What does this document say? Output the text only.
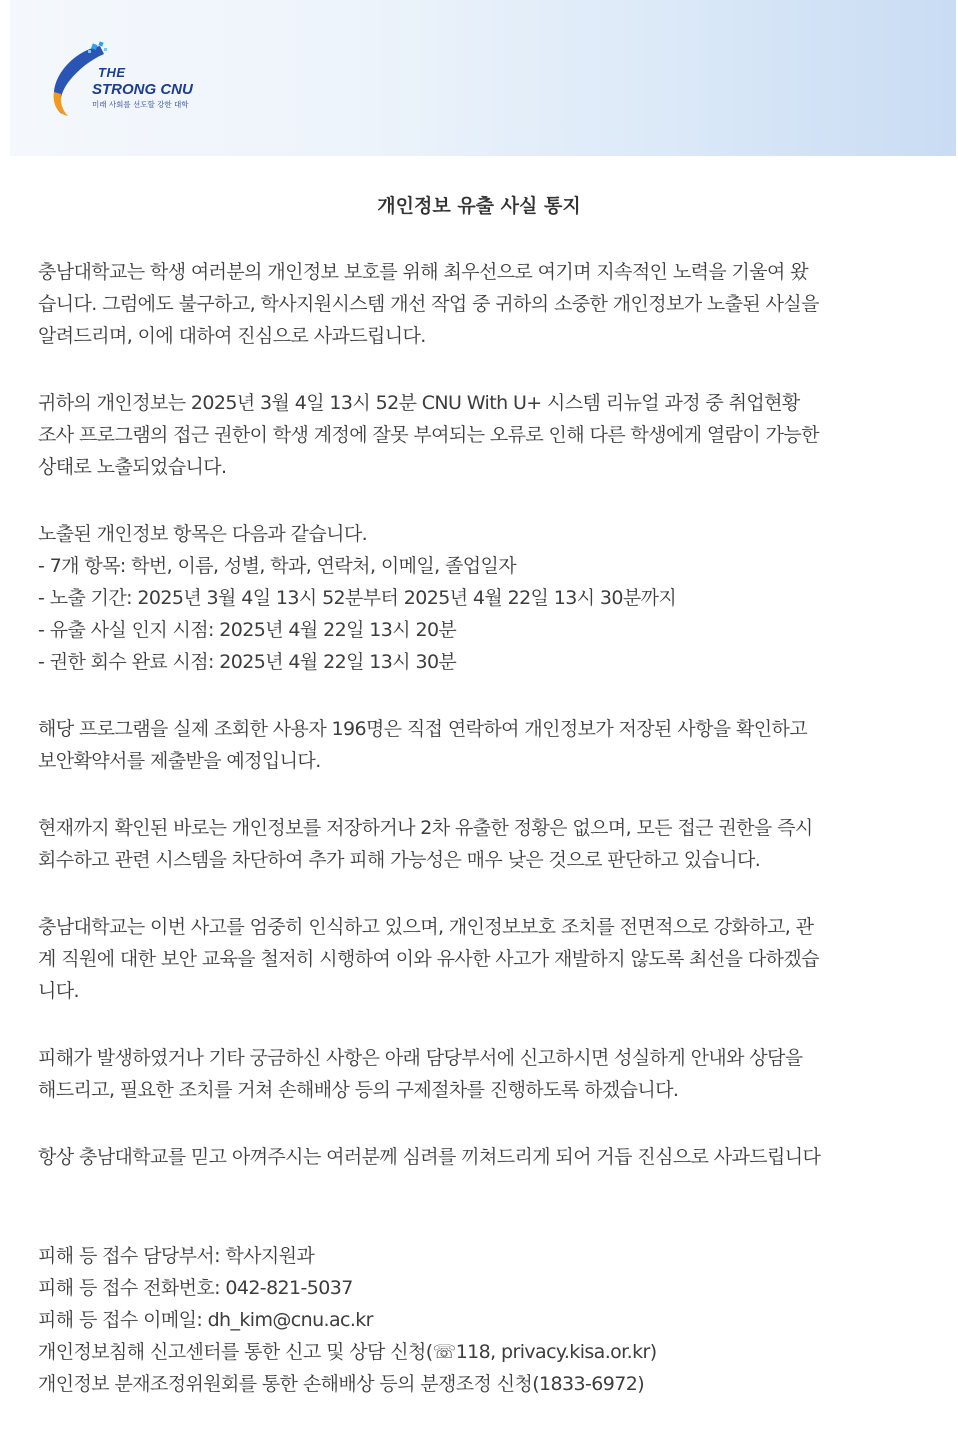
THE
STRONG CNU
미래 사회를 선도할 강한 대학
개인정보 유출 사실 통지

충남대학교는 학생 여러분의 개인정보 보호를 위해 최우선으로 여기며 지속적인 노력을 기울여 왔
습니다. 그럼에도 불구하고, 학사지원시스템 개선 작업 중 귀하의 소중한 개인정보가 노출된 사실을
알려드리며, 이에 대하여 진심으로 사과드립니다.

귀하의 개인정보는 2025년 3월 4일 13시 52분 CNU With U+ 시스템 리뉴얼 과정 중 취업현황
조사 프로그램의 접근 권한이 학생 계정에 잘못 부여되는 오류로 인해 다른 학생에게 열람이 가능한
상태로 노출되었습니다.

노출된 개인정보 항목은 다음과 같습니다.
- 7개 항목: 학번, 이름, 성별, 학과, 연락처, 이메일, 졸업일자
- 노출 기간: 2025년 3월 4일 13시 52분부터 2025년 4월 22일 13시 30분까지
- 유출 사실 인지 시점: 2025년 4월 22일 13시 20분
- 권한 회수 완료 시점: 2025년 4월 22일 13시 30분

해당 프로그램을 실제 조회한 사용자 196명은 직접 연락하여 개인정보가 저장된 사항을 확인하고
보안확약서를 제출받을 예정입니다.

현재까지 확인된 바로는 개인정보를 저장하거나 2차 유출한 정황은 없으며, 모든 접근 권한을 즉시
회수하고 관련 시스템을 차단하여 추가 피해 가능성은 매우 낮은 것으로 판단하고 있습니다.

충남대학교는 이번 사고를 엄중히 인식하고 있으며, 개인정보보호 조치를 전면적으로 강화하고, 관
계 직원에 대한 보안 교육을 철저히 시행하여 이와 유사한 사고가 재발하지 않도록 최선을 다하겠습
니다.

피해가 발생하였거나 기타 궁금하신 사항은 아래 담당부서에 신고하시면 성실하게 안내와 상담을
해드리고, 필요한 조치를 거쳐 손해배상 등의 구제절차를 진행하도록 하겠습니다.

항상 충남대학교를 믿고 아껴주시는 여러분께 심려를 끼쳐드리게 되어 거듭 진심으로 사과드립니다

피해 등 접수 담당부서: 학사지원과
피해 등 접수 전화번호: 042-821-5037
피해 등 접수 이메일: dh_kim@cnu.ac.kr
개인정보침해 신고센터를 통한 신고 및 상담 신청(☏118, privacy.kisa.or.kr)
개인정보 분재조정위원회를 통한 손해배상 등의 분쟁조정 신청(1833-6972)
